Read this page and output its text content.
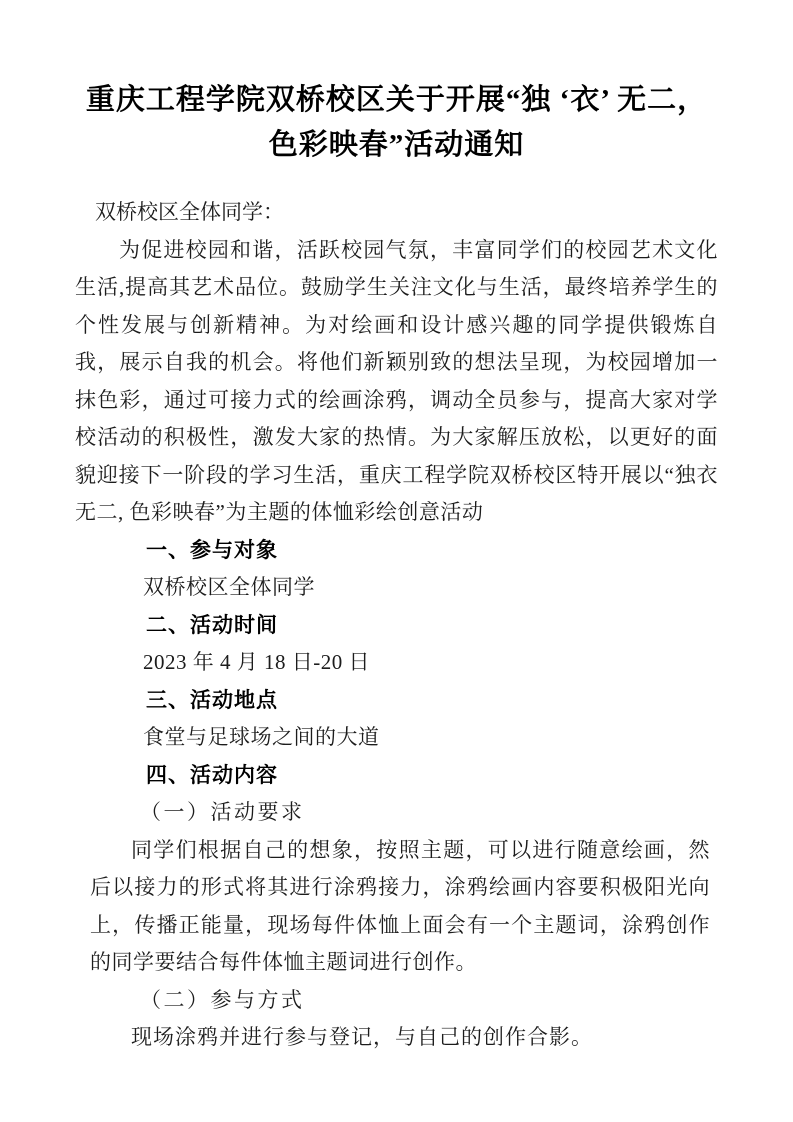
重庆工程学院双桥校区关于开展“独 ‘衣’ 无二，
色彩映春”活动通知

双桥校区全体同学：

为促进校园和谐，活跃校园气氛，丰富同学们的校园艺术文化生活,提高其艺术品位。鼓励学生关注文化与生活，最终培养学生的个性发展与创新精神。为对绘画和设计感兴趣的同学提供锻炼自我，展示自我的机会。将他们新颖别致的想法呈现，为校园增加一抹色彩，通过可接力式的绘画涂鸦，调动全员参与，提高大家对学校活动的积极性，激发大家的热情。为大家解压放松，以更好的面貌迎接下一阶段的学习生活，重庆工程学院双桥校区特开展以“独衣无二, 色彩映春”为主题的体恤彩绘创意活动

一、参与对象

双桥校区全体同学

二、活动时间

2023 年 4 月 18 日-20 日

三、活动地点

食堂与足球场之间的大道

四、活动内容
（一）活动要求

同学们根据自己的想象，按照主题，可以进行随意绘画，然后以接力的形式将其进行涂鸦接力，涂鸦绘画内容要积极阳光向上，传播正能量，现场每件体恤上面会有一个主题词，涂鸦创作的同学要结合每件体恤主题词进行创作。

（二）参与方式

现场涂鸦并进行参与登记，与自己的创作合影。
